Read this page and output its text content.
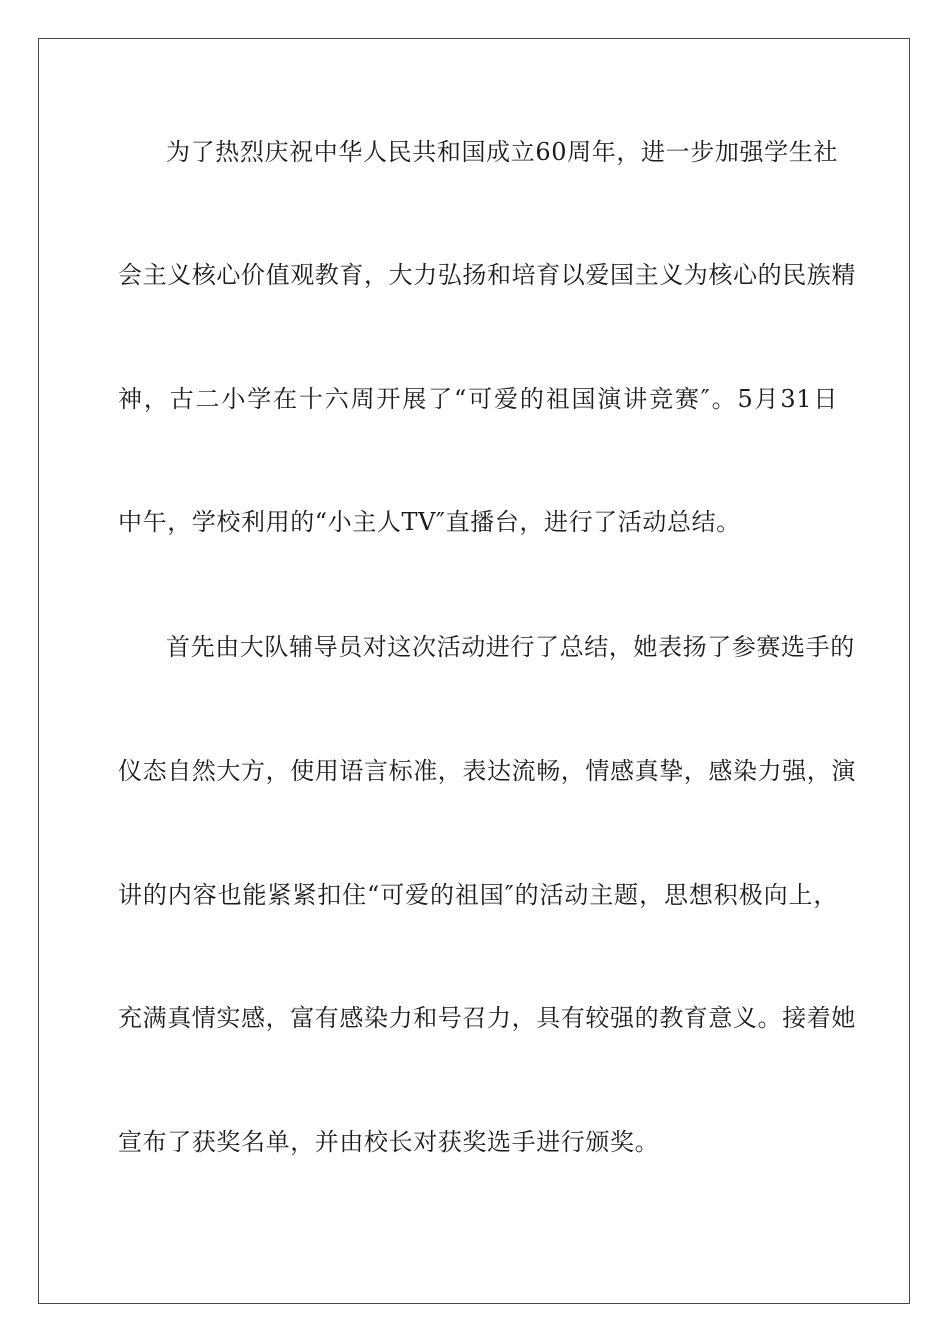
为了热烈庆祝中华人民共和国成立60周年，进一步加强学生社
会主义核心价值观教育，大力弘扬和培育以爱国主义为核心的民族精
神，古二小学在十六周开展了“可爱的祖国演讲竞赛″。5月31日
中午，学校利用的“小主人TV″直播台，进行了活动总结。
首先由大队辅导员对这次活动进行了总结，她表扬了参赛选手的
仪态自然大方，使用语言标准，表达流畅，情感真挚，感染力强，演
讲的内容也能紧紧扣住“可爱的祖国″的活动主题，思想积极向上，
充满真情实感，富有感染力和号召力，具有较强的教育意义。接着她
宣布了获奖名单，并由校长对获奖选手进行颁奖。
